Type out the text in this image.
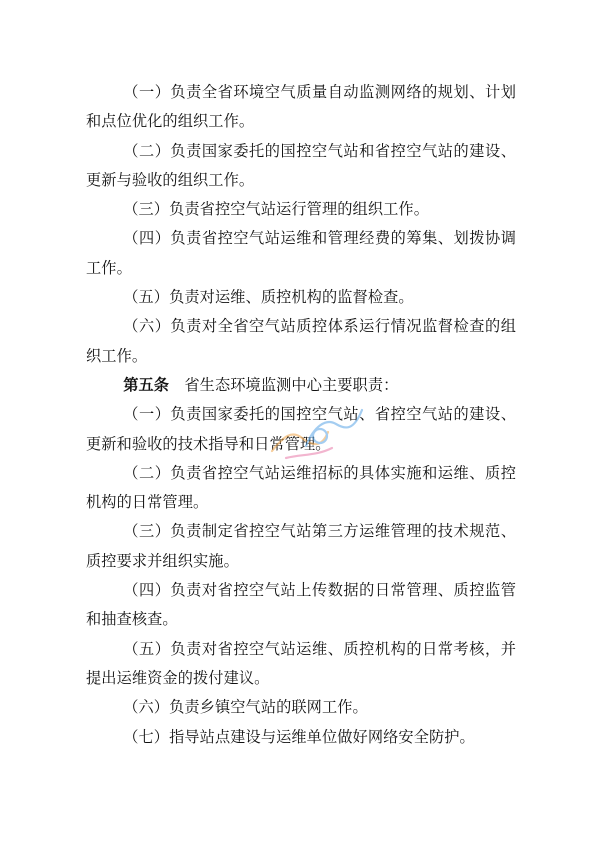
（一）负责全省环境空气质量自动监测网络的规划、计划和点位优化的组织工作。

（二）负责国家委托的国控空气站和省控空气站的建设、更新与验收的组织工作。

（三）负责省控空气站运行管理的组织工作。

（四）负责省控空气站运维和管理经费的筹集、划拨协调工作。

（五）负责对运维、质控机构的监督检查。

（六）负责对全省空气站质控体系运行情况监督检查的组织工作。

第五条　省生态环境监测中心主要职责：

（一）负责国家委托的国控空气站、省控空气站的建设、更新和验收的技术指导和日常管理。

（二）负责省控空气站运维招标的具体实施和运维、质控机构的日常管理。

（三）负责制定省控空气站第三方运维管理的技术规范、质控要求并组织实施。

（四）负责对省控空气站上传数据的日常管理、质控监管和抽查核查。

（五）负责对省控空气站运维、质控机构的日常考核，并提出运维资金的拨付建议。

（六）负责乡镇空气站的联网工作。

（七）指导站点建设与运维单位做好网络安全防护。
